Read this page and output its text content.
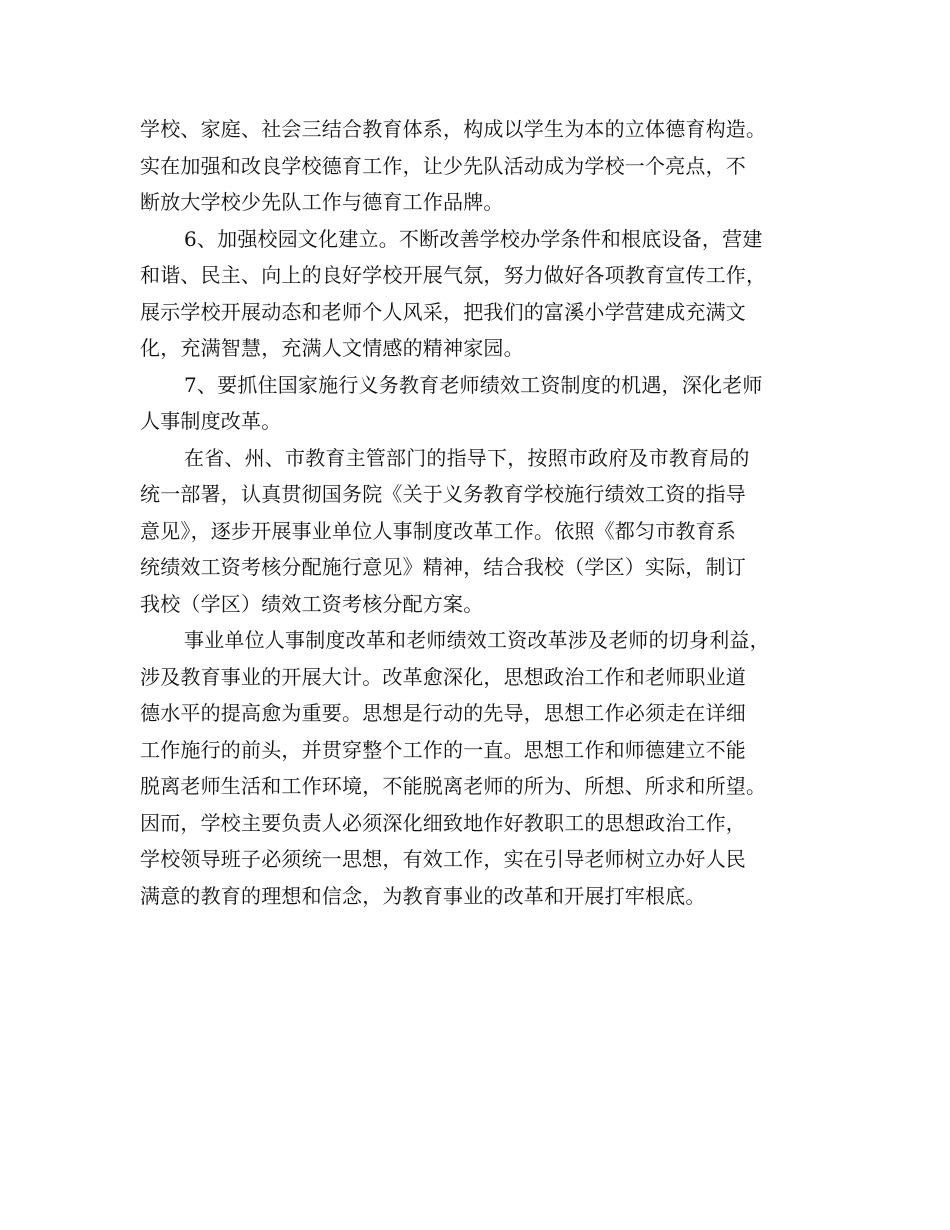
学校、家庭、社会三结合教育体系，构成以学生为本的立体德育构造。
实在加强和改良学校德育工作，让少先队活动成为学校一个亮点，不
断放大学校少先队工作与德育工作品牌。
6、加强校园文化建立。不断改善学校办学条件和根底设备，营建
和谐、民主、向上的良好学校开展气氛，努力做好各项教育宣传工作，
展示学校开展动态和老师个人风采，把我们的富溪小学营建成充满文
化，充满智慧，充满人文情感的精神家园。
7、要抓住国家施行义务教育老师绩效工资制度的机遇，深化老师
人事制度改革。
在省、州、市教育主管部门的指导下，按照市政府及市教育局的
统一部署，认真贯彻国务院《关于义务教育学校施行绩效工资的指导
意见》，逐步开展事业单位人事制度改革工作。依照《都匀市教育系
统绩效工资考核分配施行意见》精神，结合我校（学区）实际，制订
我校（学区）绩效工资考核分配方案。
事业单位人事制度改革和老师绩效工资改革涉及老师的切身利益，
涉及教育事业的开展大计。改革愈深化，思想政治工作和老师职业道
德水平的提高愈为重要。思想是行动的先导，思想工作必须走在详细
工作施行的前头，并贯穿整个工作的一直。思想工作和师德建立不能
脱离老师生活和工作环境，不能脱离老师的所为、所想、所求和所望。
因而，学校主要负责人必须深化细致地作好教职工的思想政治工作，
学校领导班子必须统一思想，有效工作，实在引导老师树立办好人民
满意的教育的理想和信念，为教育事业的改革和开展打牢根底。
